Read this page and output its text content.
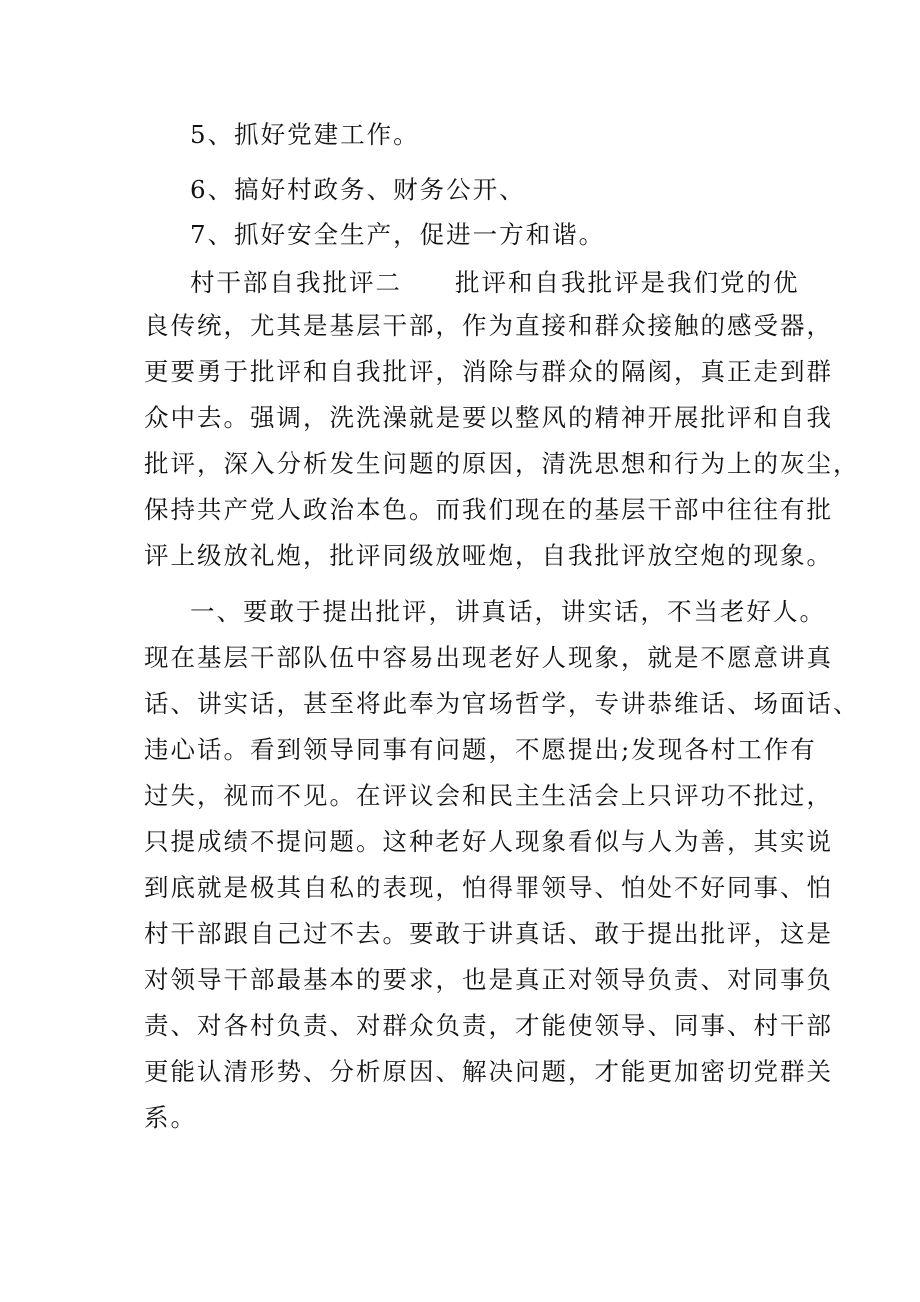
5、抓好党建工作。
6、搞好村政务、财务公开、
7、抓好安全生产，促进一方和谐。
村干部自我批评二　　批评和自我批评是我们党的优
良传统，尤其是基层干部，作为直接和群众接触的感受器，
更要勇于批评和自我批评，消除与群众的隔阂，真正走到群
众中去。强调，洗洗澡就是要以整风的精神开展批评和自我
批评，深入分析发生问题的原因，清洗思想和行为上的灰尘，
保持共产党人政治本色。而我们现在的基层干部中往往有批
评上级放礼炮，批评同级放哑炮，自我批评放空炮的现象。
一、要敢于提出批评，讲真话，讲实话，不当老好人。
现在基层干部队伍中容易出现老好人现象，就是不愿意讲真
话、讲实话，甚至将此奉为官场哲学，专讲恭维话、场面话、
违心话。看到领导同事有问题，不愿提出;发现各村工作有
过失，视而不见。在评议会和民主生活会上只评功不批过，
只提成绩不提问题。这种老好人现象看似与人为善，其实说
到底就是极其自私的表现，怕得罪领导、怕处不好同事、怕
村干部跟自己过不去。要敢于讲真话、敢于提出批评，这是
对领导干部最基本的要求，也是真正对领导负责、对同事负
责、对各村负责、对群众负责，才能使领导、同事、村干部
更能认清形势、分析原因、解决问题，才能更加密切党群关
系。
